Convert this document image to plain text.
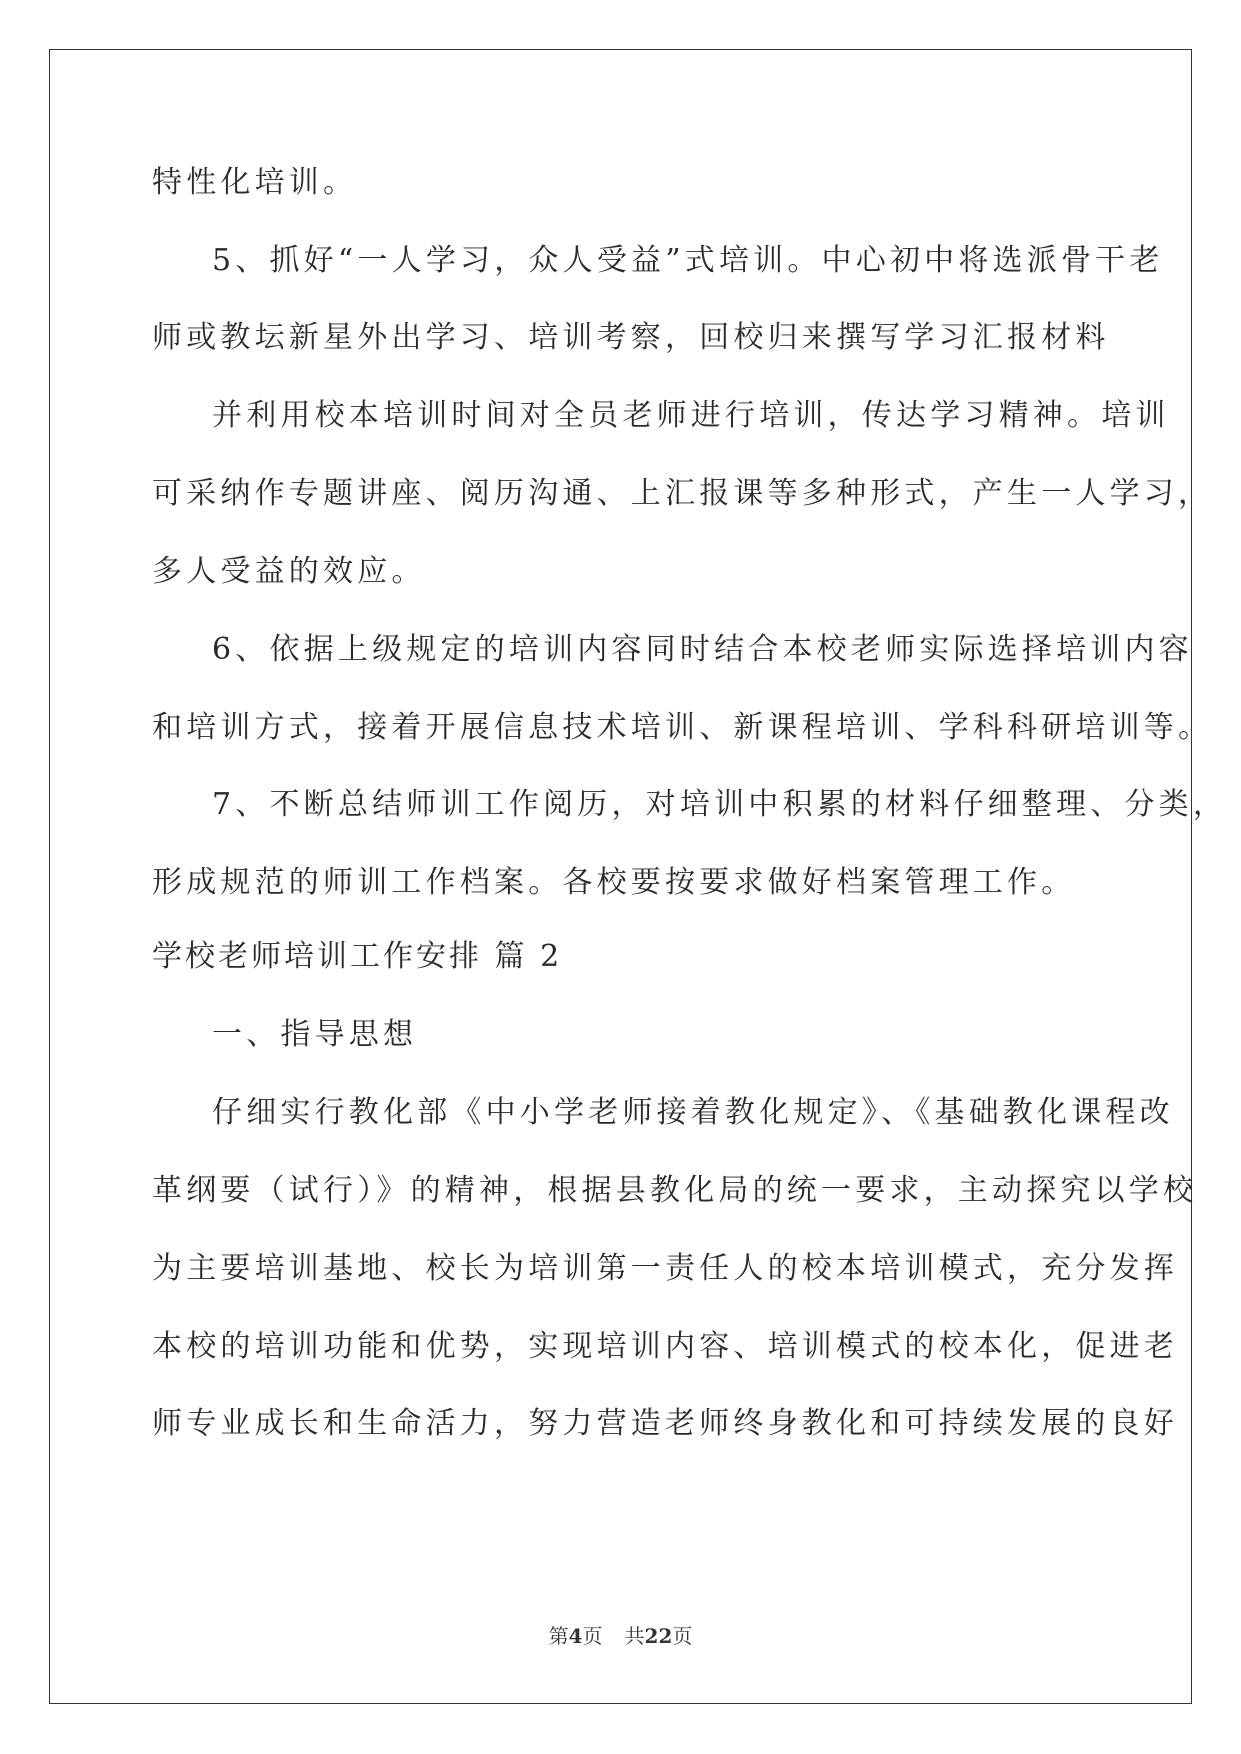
特性化培训。
5、抓好“一人学习，众人受益”式培训。中心初中将选派骨干老
师或教坛新星外出学习、培训考察，回校归来撰写学习汇报材料
并利用校本培训时间对全员老师进行培训，传达学习精神。培训
可采纳作专题讲座、阅历沟通、上汇报课等多种形式，产生一人学习，
多人受益的效应。
6、依据上级规定的培训内容同时结合本校老师实际选择培训内容
和培训方式，接着开展信息技术培训、新课程培训、学科科研培训等。
7、不断总结师训工作阅历，对培训中积累的材料仔细整理、分类，
形成规范的师训工作档案。各校要按要求做好档案管理工作。
学校老师培训工作安排 篇 2
一、指导思想
仔细实行教化部《中小学老师接着教化规定》、《基础教化课程改
革纲要（试行）》的精神，根据县教化局的统一要求，主动探究以学校
为主要培训基地、校长为培训第一责任人的校本培训模式，充分发挥
本校的培训功能和优势，实现培训内容、培训模式的校本化，促进老
师专业成长和生命活力，努力营造老师终身教化和可持续发展的良好
第4页 共22页
